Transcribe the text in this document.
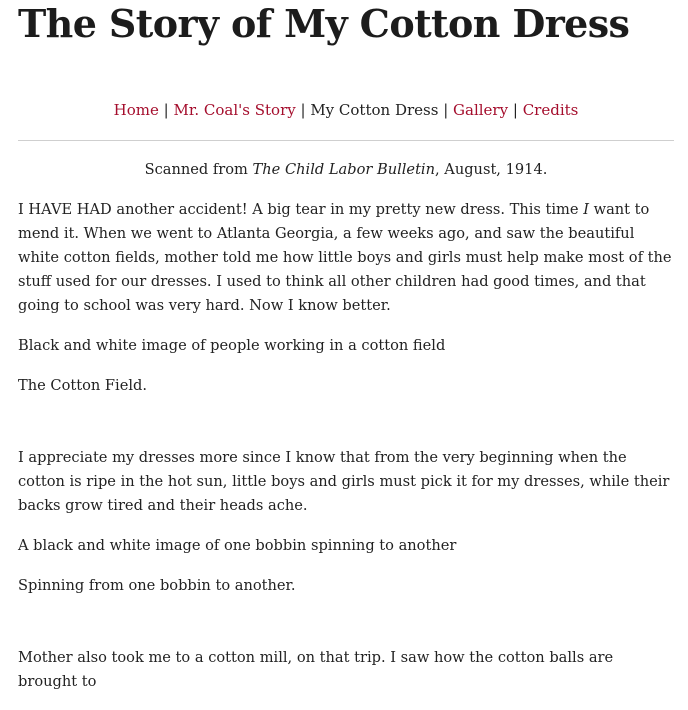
The Story of My Cotton Dress
Home | Mr. Coal's Story | My Cotton Dress | Gallery | Credits

Scanned from The Child Labor Bulletin, August, 1914.

I HAVE HAD another accident! A big tear in my pretty new dress. This time I want to mend it. When we went to Atlanta Georgia, a few weeks ago, and saw the beautiful white cotton fields, mother told me how little boys and girls must help make most of the stuff used for our dresses. I used to think all other children had good times, and that going to school was very hard. Now I know better.

Black and white image of people working in a cotton field

The Cotton Field.

I appreciate my dresses more since I know that from the very beginning when the cotton is ripe in the hot sun, little boys and girls must pick it for my dresses, while their backs grow tired and their heads ache.

A black and white image of one bobbin spinning to another

Spinning from one bobbin to another.

Mother also took me to a cotton mill, on that trip. I saw how the cotton balls are brought to
